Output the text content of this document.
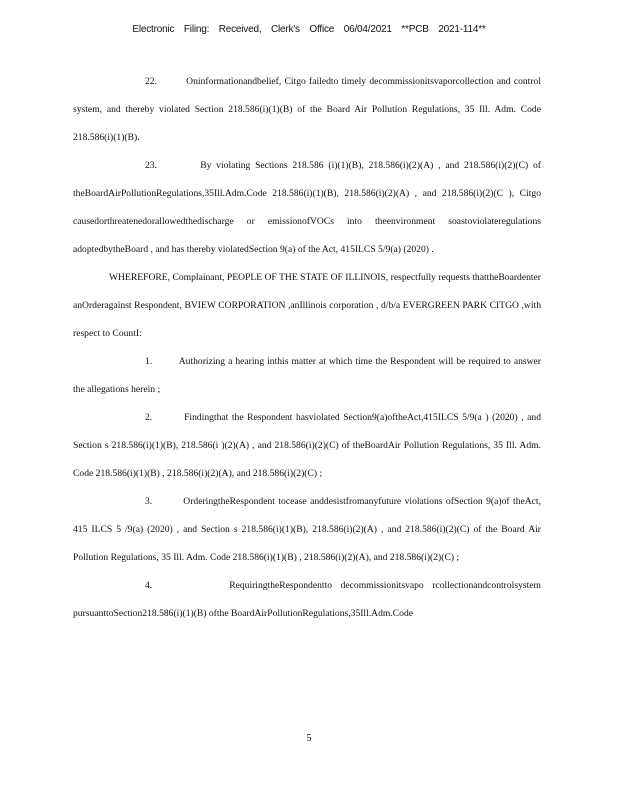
Electronic Filing: Received, Clerk's Office 06/04/2021 **PCB 2021-114**

22.	Oninformationandbelief, Citgo failedto timely decommissionitsvaporcollection and control system, and thereby violated Section 218.586(i)(1)(B) of the Board Air Pollution Regulations, 35 Ill. Adm. Code 218.586(i)(1)(B).

23.	By violating Sections 218.586 (i)(1)(B), 218.586(i)(2)(A) , and 218.586(i)(2)(C) of theBoardAirPollutionRegulations,35Ill.Adm.Code 218.586(i)(1)(B), 218.586(i)(2)(A) , and 218.586(i)(2)(C ), Citgo causedorthreatenedorallowedthedischarge or emissionofVOCs into theenvironment soastoviolateregulations adoptedbytheBoard , and has thereby violatedSection 9(a) of the Act, 415ILCS 5/9(a) (2020) .

WHEREFORE, Complainant, PEOPLE OF THE STATE OF ILLINOIS, respectfully requests thattheBoardenter anOrderagainst Respondent, BVIEW CORPORATION ,anIllinois corporation , d/b/a EVERGREEN PARK CITGO ,with respect to CountI:

1.	Authorizing a hearing inthis matter at which time the Respondent will be required to answer the allegations herein ;

2.	Findingthat the Respondent hasviolated Section9(a)oftheAct,415ILCS 5/9(a ) (2020) , and Section s 218.586(i)(1)(B), 218.586(i )(2)(A) , and 218.586(i)(2)(C) of theBoardAir Pollution Regulations, 35 Ill. Adm. Code 218.586(i)(1)(B) , 218.586(i)(2)(A), and 218.586(i)(2)(C) ;

3.	OrderingtheRespondent tocease anddesistfromanyfuture violations ofSection 9(a)of theAct, 415 ILCS 5 /9(a) (2020) , and Section s 218.586(i)(1)(B), 218.586(i)(2)(A) , and 218.586(i)(2)(C) of the Board Air Pollution Regulations, 35 Ill. Adm. Code 218.586(i)(1)(B) , 218.586(i)(2)(A), and 218.586(i)(2)(C) ;

4.	RequiringtheRespondentto decommissionitsvapo rcollectionandcontrolsystem pursuanttoSection218.586(i)(1)(B) ofthe BoardAirPollutionRegulations,35Ill.Adm.Code

5
